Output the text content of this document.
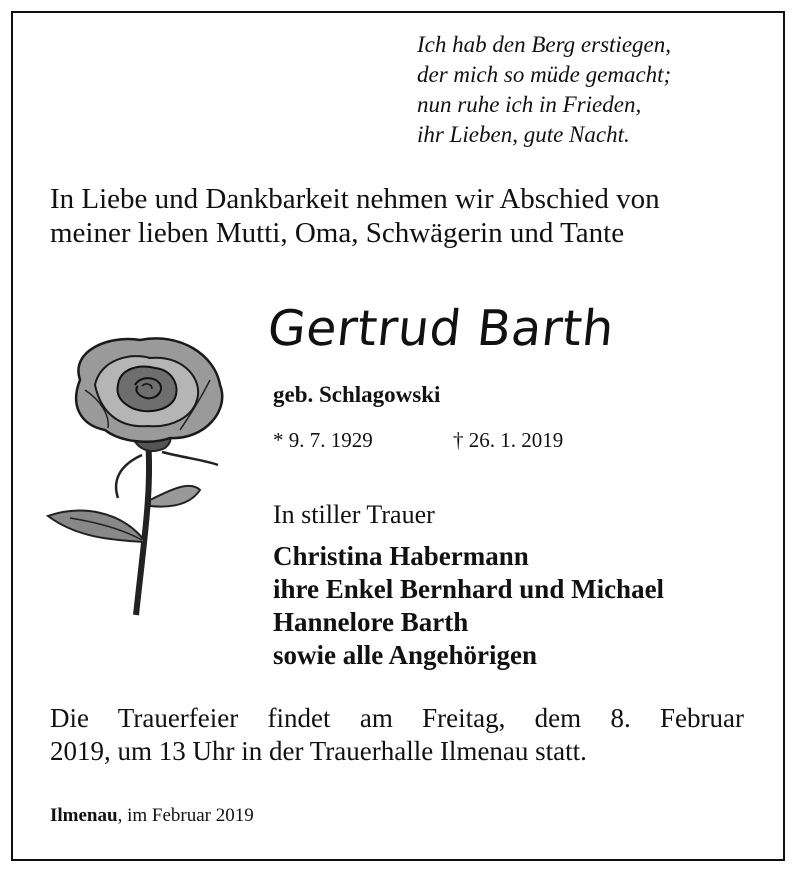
Ich hab den Berg erstiegen,
der mich so müde gemacht;
nun ruhe ich in Frieden,
ihr Lieben, gute Nacht.
In Liebe und Dankbarkeit nehmen wir Abschied von
meiner lieben Mutti, Oma, Schwägerin und Tante
Gertrud Barth
geb. Schlagowski
* 9. 7. 1929	† 26. 1. 2019
In stiller Trauer
Christina Habermann
ihre Enkel Bernhard und Michael
Hannelore Barth
sowie alle Angehörigen
Die Trauerfeier findet am Freitag, dem 8. Februar
2019, um 13 Uhr in der Trauerhalle Ilmenau statt.
Ilmenau, im Februar 2019
